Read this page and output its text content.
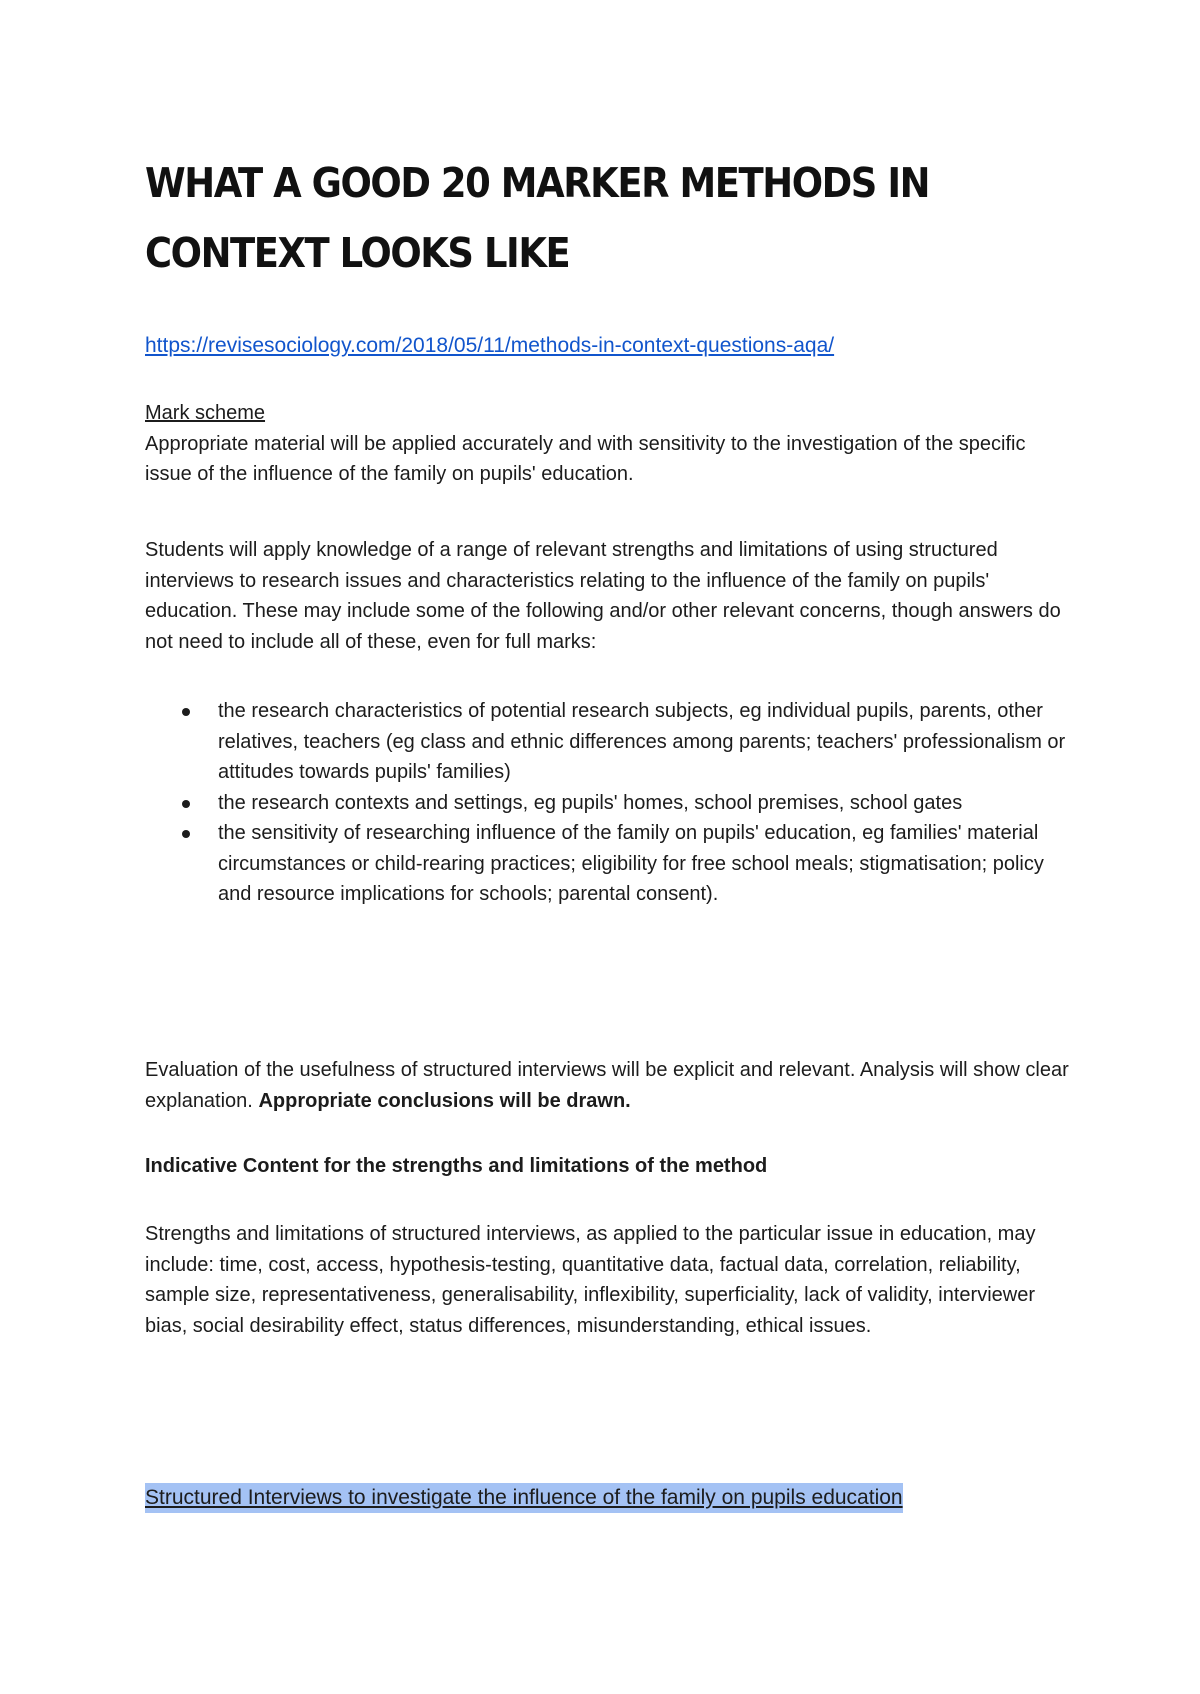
WHAT A GOOD 20 MARKER METHODS IN CONTEXT LOOKS LIKE
https://revisesociology.com/2018/05/11/methods-in-context-questions-aqa/

Mark scheme
Appropriate material will be applied accurately and with sensitivity to the investigation of the specific issue of the influence of the family on pupils' education.

Students will apply knowledge of a range of relevant strengths and limitations of using structured interviews to research issues and characteristics relating to the influence of the family on pupils' education. These may include some of the following and/or other relevant concerns, though answers do not need to include all of these, even for full marks:

the research characteristics of potential research subjects, eg individual pupils, parents, other relatives, teachers (eg class and ethnic differences among parents; teachers' professionalism or attitudes towards pupils' families)
the research contexts and settings, eg pupils' homes, school premises, school gates
the sensitivity of researching influence of the family on pupils' education, eg families' material circumstances or child-rearing practices; eligibility for free school meals; stigmatisation; policy and resource implications for schools; parental consent).

Evaluation of the usefulness of structured interviews will be explicit and relevant. Analysis will show clear explanation. Appropriate conclusions will be drawn.

Indicative Content for the strengths and limitations of the method

Strengths and limitations of structured interviews, as applied to the particular issue in education, may include: time, cost, access, hypothesis-testing, quantitative data, factual data, correlation, reliability, sample size, representativeness, generalisability, inflexibility, superficiality, lack of validity, interviewer bias, social desirability effect, status differences, misunderstanding, ethical issues.

Structured Interviews to investigate the influence of the family on pupils education
